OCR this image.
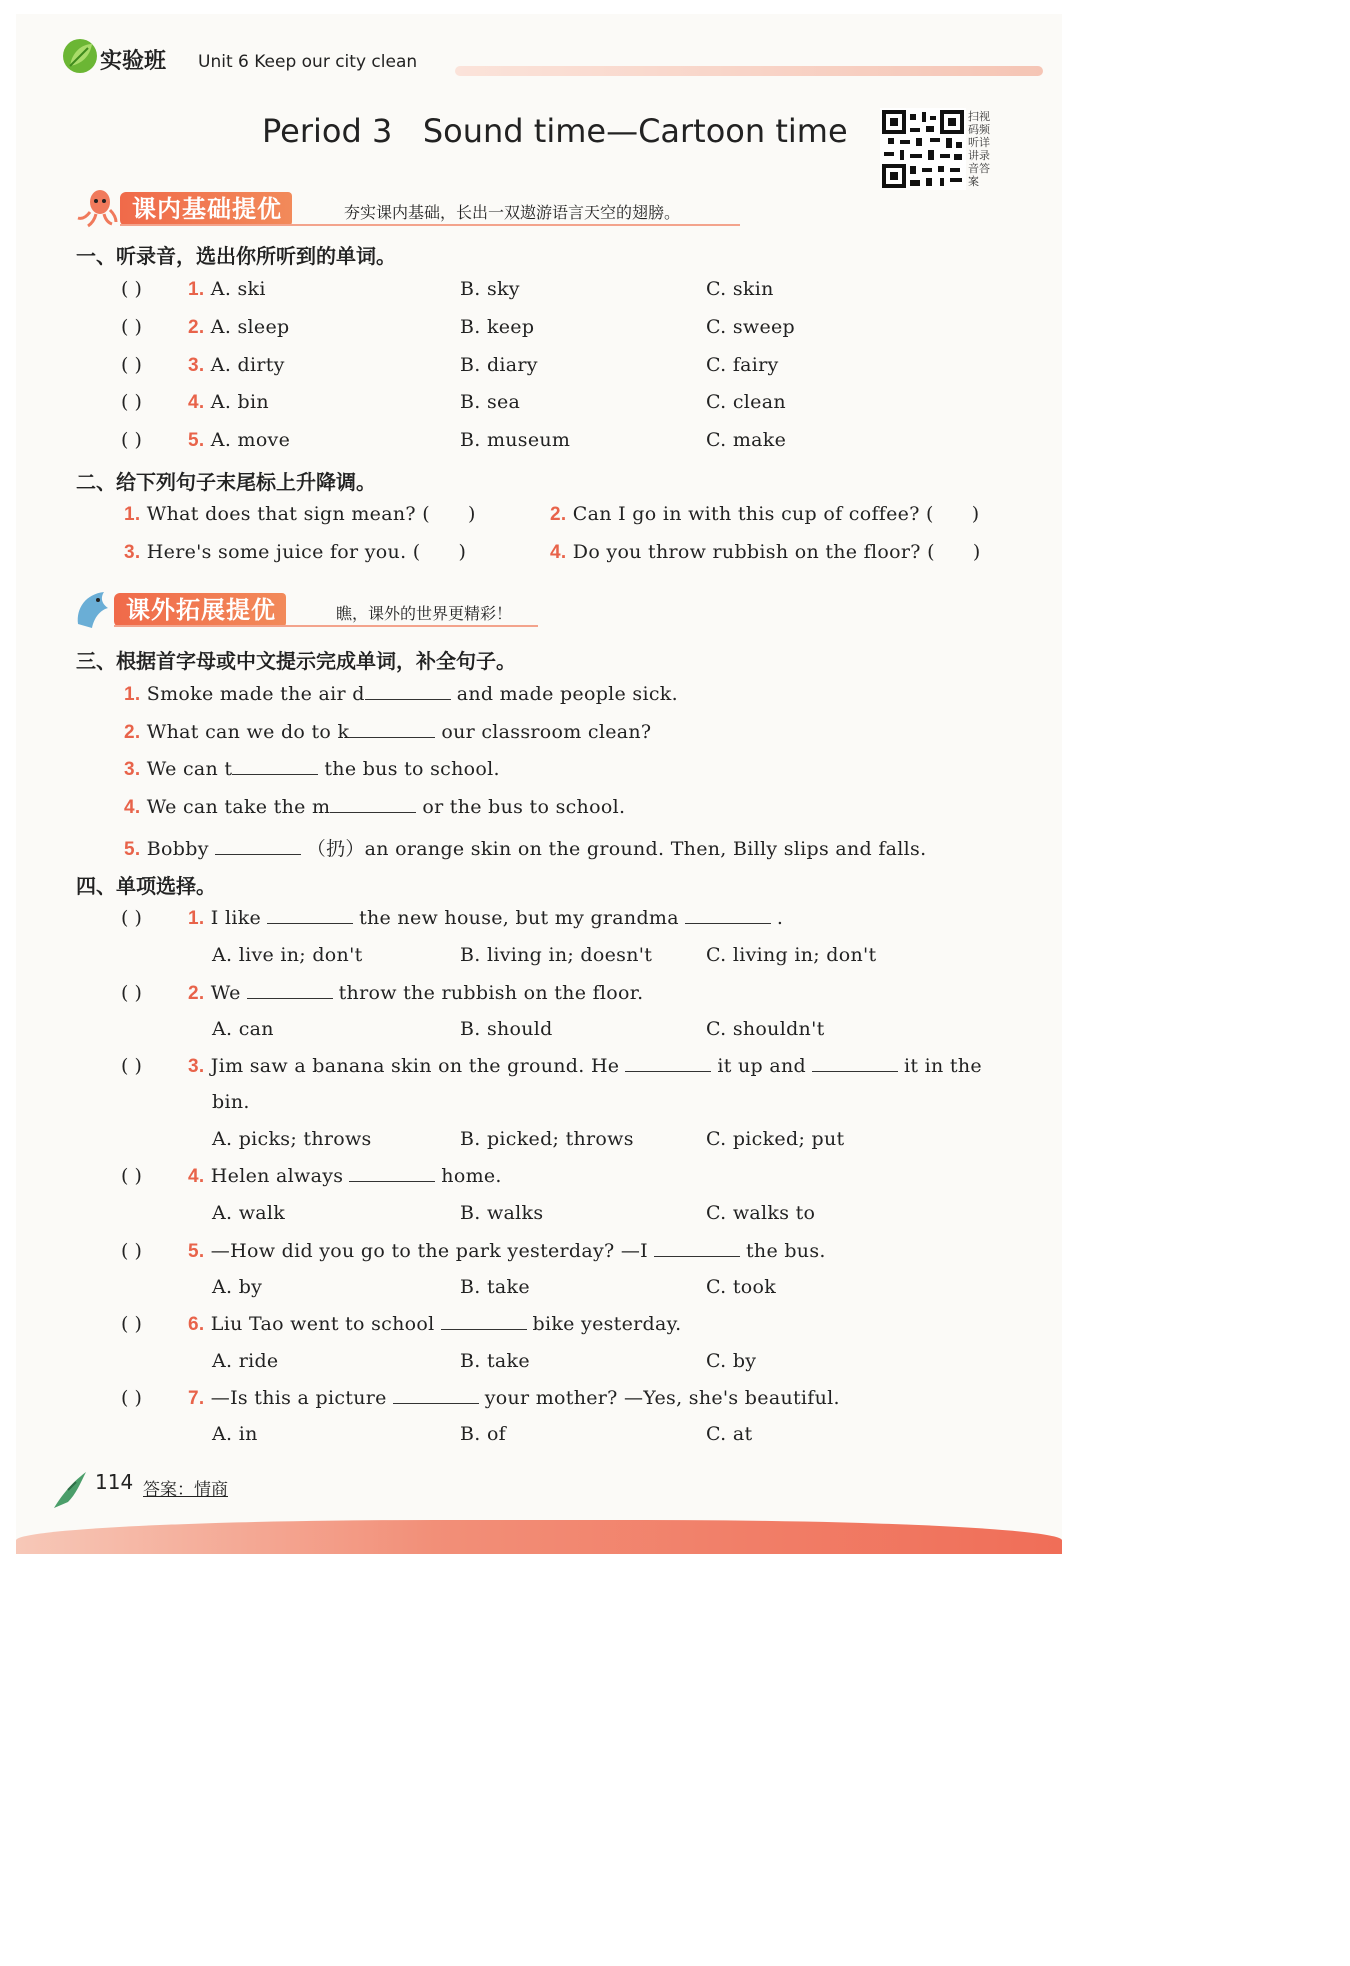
实验班 Unit 6 Keep our city clean
Period 3   Sound time—Cartoon time	扫视码频听详讲录音答案
课内基础提优	夯实课内基础，长出一双遨游语言天空的翅膀。
一、听录音，选出你所听到的单词。
( ) 1. A. ski	B. sky	C. skin
( ) 2. A. sleep	B. keep	C. sweep
( ) 3. A. dirty	B. diary	C. fairy
( ) 4. A. bin	B. sea	C. clean
( ) 5. A. move	B. museum	C. make
二、给下列句子末尾标上升降调。
1. What does that sign mean? (      )	2. Can I go in with this cup of coffee? (      )
3. Here's some juice for you. (      )	4. Do you throw rubbish on the floor? (      )
课外拓展提优	瞧，课外的世界更精彩！
三、根据首字母或中文提示完成单词，补全句子。
1. Smoke made the air d	and made people sick.
2. What can we do to k	our classroom clean?
3. We can t	the bus to school.
4. We can take the m	or the bus to school.
5. Bobby	（扔）an orange skin on the ground. Then, Billy slips and falls.
四、单项选择。
( ) 1. I like	the new house, but my grandma	.
A. live in; don't	B. living in; doesn't	C. living in; don't
( ) 2. We	throw the rubbish on the floor.
A. can	B. should	C. shouldn't
( ) 3. Jim saw a banana skin on the ground. He	it up and	it in the
bin.
A. picks; throws	B. picked; throws	C. picked; put
( ) 4. Helen always	home.
A. walk	B. walks	C. walks to
( ) 5. —How did you go to the park yesterday? —I	the bus.
A. by	B. take	C. took
( ) 6. Liu Tao went to school	bike yesterday.
A. ride	B. take	C. by
( ) 7. —Is this a picture	your mother? —Yes, she's beautiful.
A. in	B. of	C. at
114 答案：情商
